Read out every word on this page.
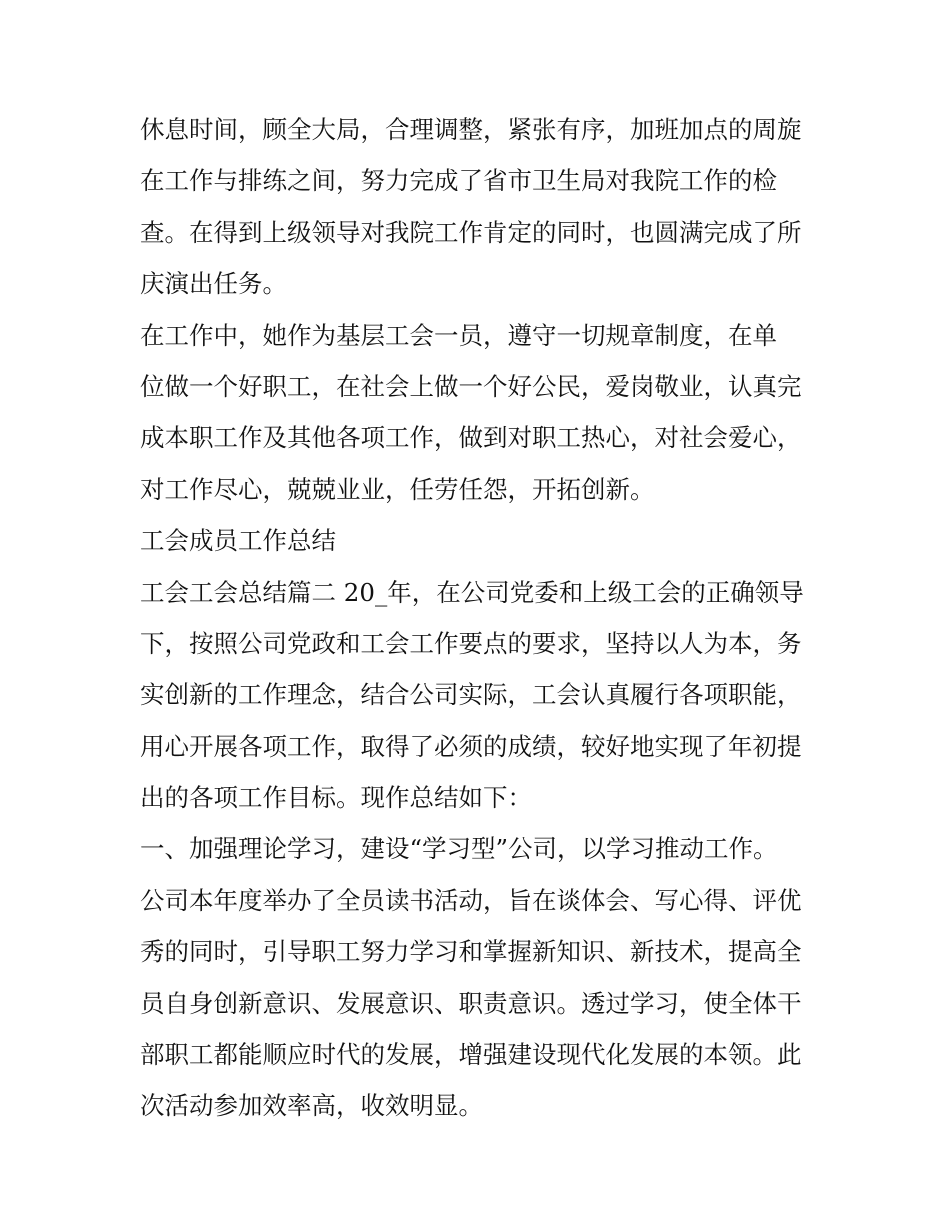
休息时间，顾全大局，合理调整，紧张有序，加班加点的周旋
在工作与排练之间，努力完成了省市卫生局对我院工作的检
查。在得到上级领导对我院工作肯定的同时，也圆满完成了所
庆演出任务。
在工作中，她作为基层工会一员，遵守一切规章制度，在单
位做一个好职工，在社会上做一个好公民，爱岗敬业，认真完
成本职工作及其他各项工作，做到对职工热心，对社会爱心，
对工作尽心，兢兢业业，任劳任怨，开拓创新。
工会成员工作总结
工会工会总结篇二 20_年，在公司党委和上级工会的正确领导
下，按照公司党政和工会工作要点的要求，坚持以人为本，务
实创新的工作理念，结合公司实际，工会认真履行各项职能，
用心开展各项工作，取得了必须的成绩，较好地实现了年初提
出的各项工作目标。现作总结如下：
一、加强理论学习，建设“学习型”公司，以学习推动工作。
公司本年度举办了全员读书活动，旨在谈体会、写心得、评优
秀的同时，引导职工努力学习和掌握新知识、新技术，提高全
员自身创新意识、发展意识、职责意识。透过学习，使全体干
部职工都能顺应时代的发展，增强建设现代化发展的本领。此
次活动参加效率高，收效明显。
